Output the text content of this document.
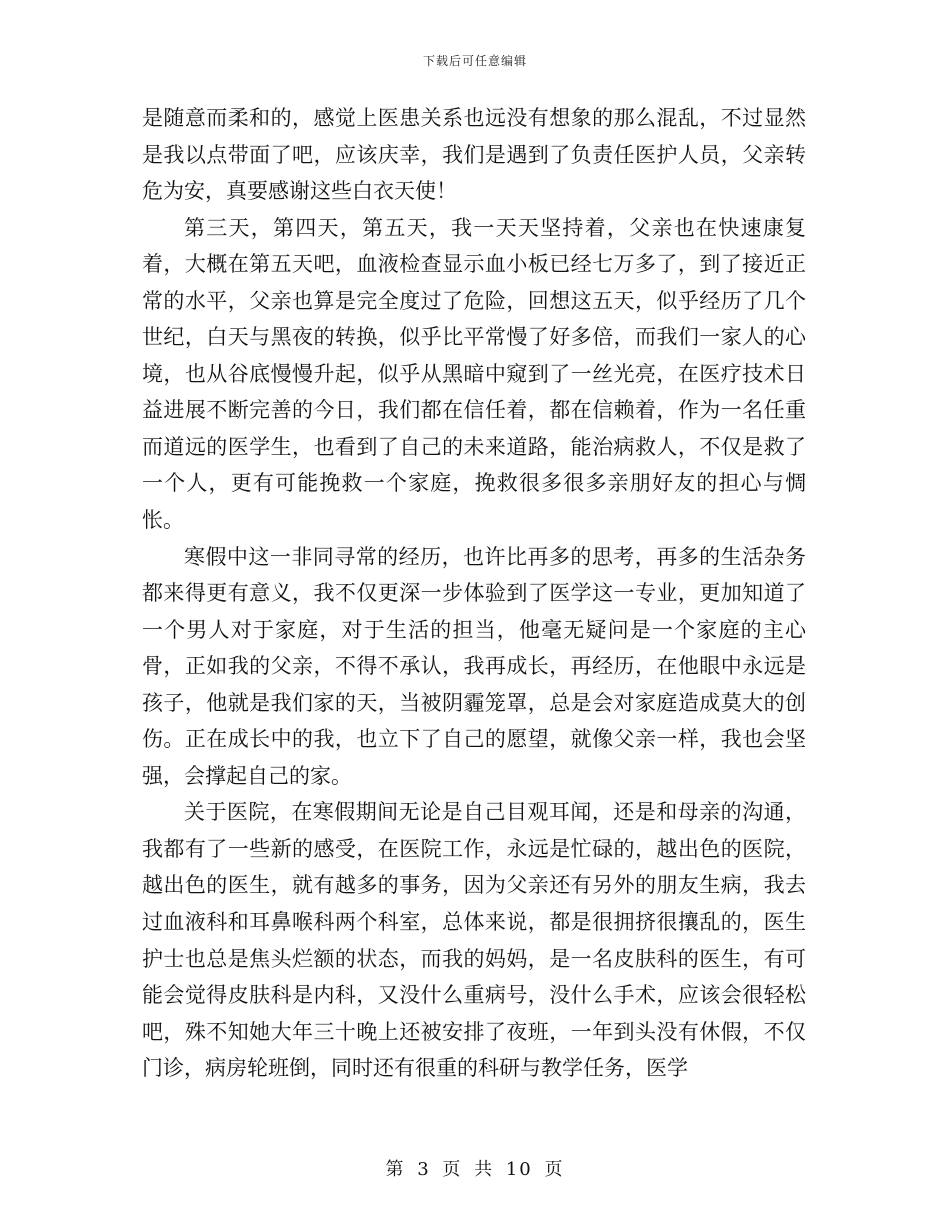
下载后可任意编辑

是随意而柔和的，感觉上医患关系也远没有想象的那么混乱，不过显然是我以点带面了吧，应该庆幸，我们是遇到了负责任医护人员，父亲转危为安，真要感谢这些白衣天使！

第三天，第四天，第五天，我一天天坚持着，父亲也在快速康复着，大概在第五天吧，血液检查显示血小板已经七万多了，到了接近正常的水平，父亲也算是完全度过了危险，回想这五天，似乎经历了几个世纪，白天与黑夜的转换，似乎比平常慢了好多倍，而我们一家人的心境，也从谷底慢慢升起，似乎从黑暗中窥到了一丝光亮，在医疗技术日益进展不断完善的今日，我们都在信任着，都在信赖着，作为一名任重而道远的医学生，也看到了自己的未来道路，能治病救人，不仅是救了一个人，更有可能挽救一个家庭，挽救很多很多亲朋好友的担心与惆怅。

寒假中这一非同寻常的经历，也许比再多的思考，再多的生活杂务都来得更有意义，我不仅更深一步体验到了医学这一专业，更加知道了一个男人对于家庭，对于生活的担当，他毫无疑问是一个家庭的主心骨，正如我的父亲，不得不承认，我再成长，再经历，在他眼中永远是孩子，他就是我们家的天，当被阴霾笼罩，总是会对家庭造成莫大的创伤。正在成长中的我，也立下了自己的愿望，就像父亲一样，我也会坚强，会撑起自己的家。

关于医院，在寒假期间无论是自己目观耳闻，还是和母亲的沟通，我都有了一些新的感受，在医院工作，永远是忙碌的，越出色的医院，越出色的医生，就有越多的事务，因为父亲还有另外的朋友生病，我去过血液科和耳鼻喉科两个科室，总体来说，都是很拥挤很攘乱的，医生护士也总是焦头烂额的状态，而我的妈妈，是一名皮肤科的医生，有可能会觉得皮肤科是内科，又没什么重病号，没什么手术，应该会很轻松吧，殊不知她大年三十晚上还被安排了夜班，一年到头没有休假，不仅门诊，病房轮班倒，同时还有很重的科研与教学任务，医学

第 3 页 共 10 页
